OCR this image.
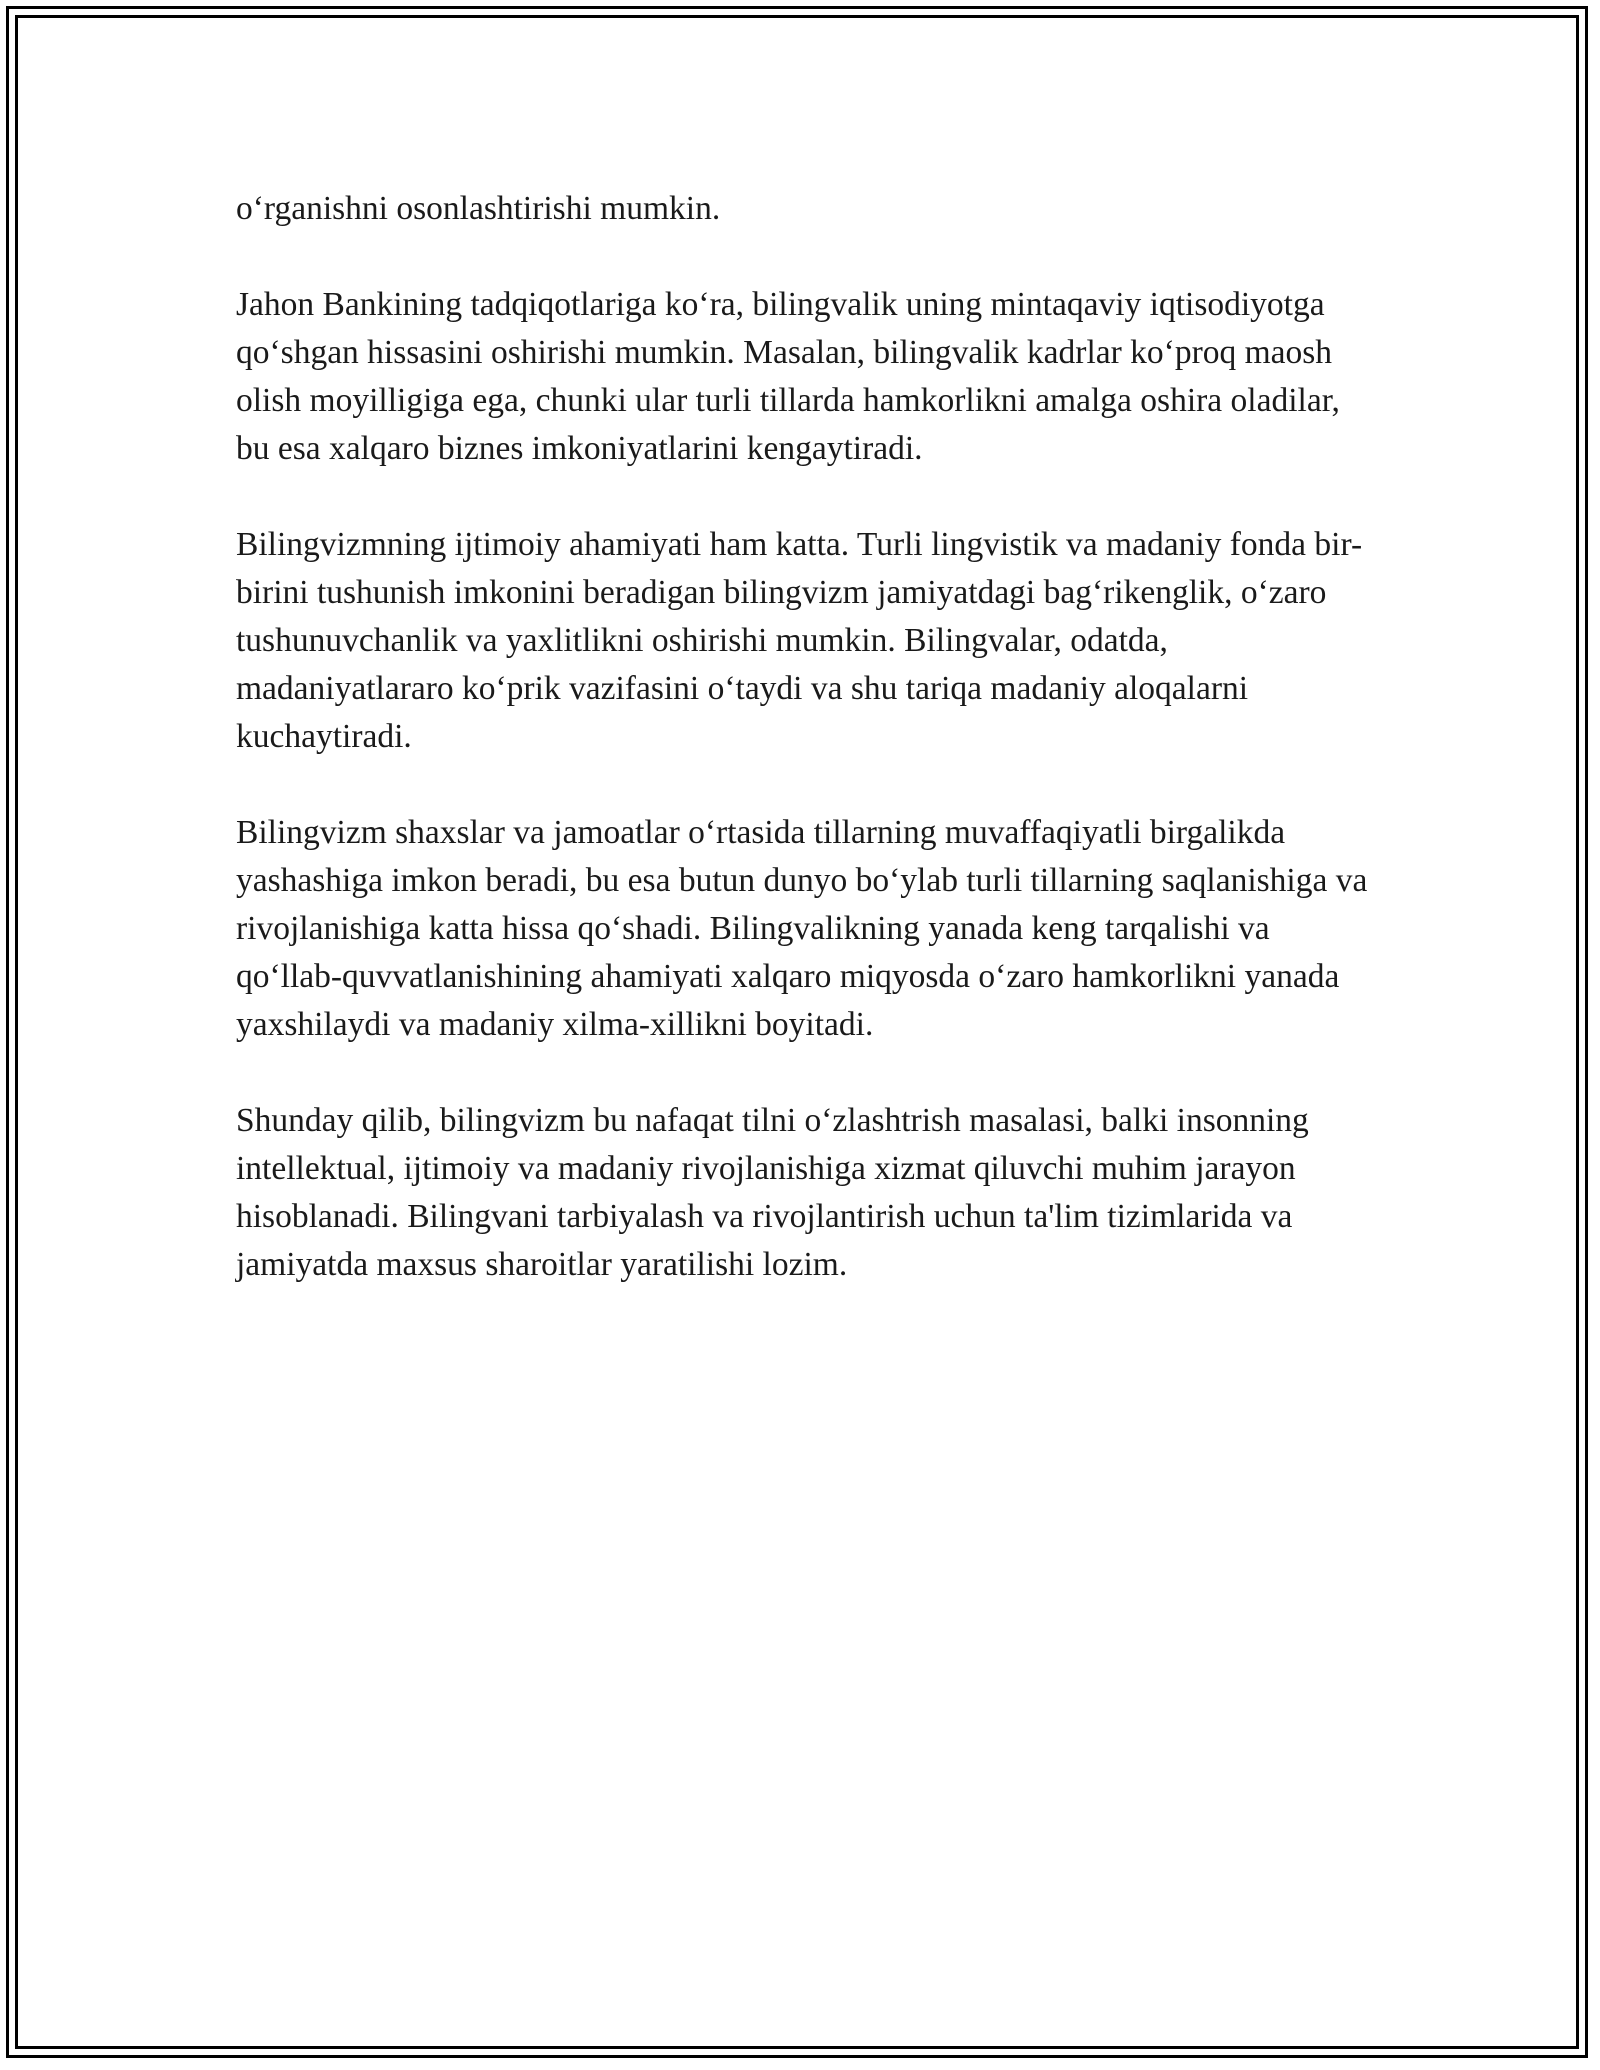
o‘rganishni osonlashtirishi mumkin.

Jahon Bankining tadqiqotlariga ko‘ra, bilingvalik uning mintaqaviy iqtisodiyotga qo‘shgan hissasini oshirishi mumkin. Masalan, bilingvalik kadrlar ko‘proq maosh olish moyilligiga ega, chunki ular turli tillarda hamkorlikni amalga oshira oladilar, bu esa xalqaro biznes imkoniyatlarini kengaytiradi.

Bilingvizmning ijtimoiy ahamiyati ham katta. Turli lingvistik va madaniy fonda bir-birini tushunish imkonini beradigan bilingvizm jamiyatdagi bag‘rikenglik, o‘zaro tushunuvchanlik va yaxlitlikni oshirishi mumkin. Bilingvalar, odatda, madaniyatlararo ko‘prik vazifasini o‘taydi va shu tariqa madaniy aloqalarni kuchaytiradi.

Bilingvizm shaxslar va jamoatlar o‘rtasida tillarning muvaffaqiyatli birgalikda yashashiga imkon beradi, bu esa butun dunyo bo‘ylab turli tillarning saqlanishiga va rivojlanishiga katta hissa qo‘shadi. Bilingvalikning yanada keng tarqalishi va qo‘llab-quvvatlanishining ahamiyati xalqaro miqyosda o‘zaro hamkorlikni yanada yaxshilaydi va madaniy xilma-xillikni boyitadi.

Shunday qilib, bilingvizm bu nafaqat tilni o‘zlashtrish masalasi, balki insonning intellektual, ijtimoiy va madaniy rivojlanishiga xizmat qiluvchi muhim jarayon hisoblanadi. Bilingvani tarbiyalash va rivojlantirish uchun ta'lim tizimlarida va jamiyatda maxsus sharoitlar yaratilishi lozim.
